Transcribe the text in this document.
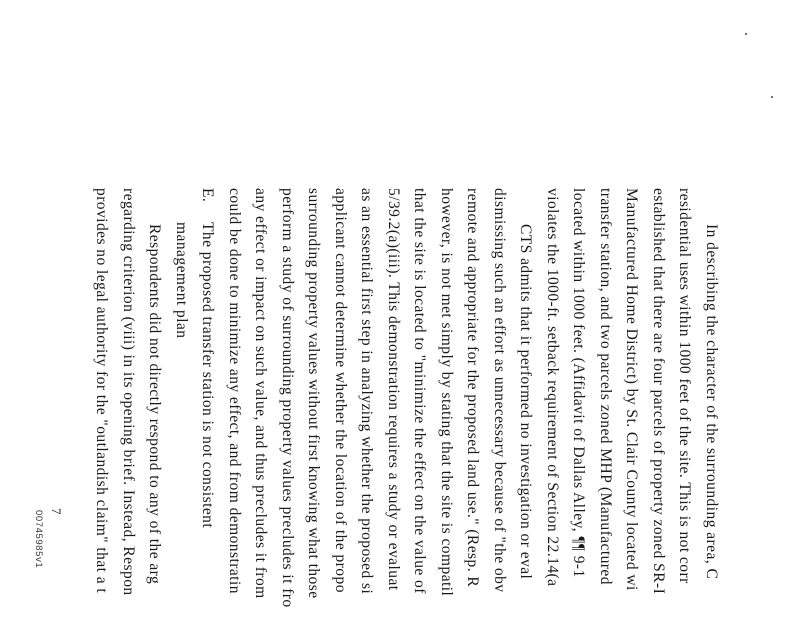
In describing the character of the surrounding area, C
residential uses within 1000 feet of the site. This is not corr
established that there are four parcels of property zoned SR-I
Manufactured Home District) by St. Clair County located wi
transfer station, and two parcels zoned MHP (Manufactured
located within 1000 feet. (Affidavit of Dallas Alley, ¶¶ 9-1
violates the 1000-ft. setback requirement of Section 22.14(a
CTS admits that it performed no investigation or eval
dismissing such an effort as unnecessary because of "the obv
remote and appropriate for the proposed land use." (Resp. R
however, is not met simply by stating that the site is compatil
that the site is located to "minimize the effect on the value of
5/39.2(a)(iii). This demonstration requires a study or evaluat
as an essential first step in analyzing whether the proposed si
applicant cannot determine whether the location of the propo
surrounding property values without first knowing what those
perform a study of surrounding property values precludes it fro
any effect or impact on such value, and thus precludes it from
could be done to minimize any effect, and from demonstratin
E.The proposed transfer station is not consistent
management plan
Respondents did not directly respond to any of the arg
regarding criterion (viii) in its opening brief. Instead, Respon
provides no legal authority for the "outlandish claim" that a t
00745985v1 7
